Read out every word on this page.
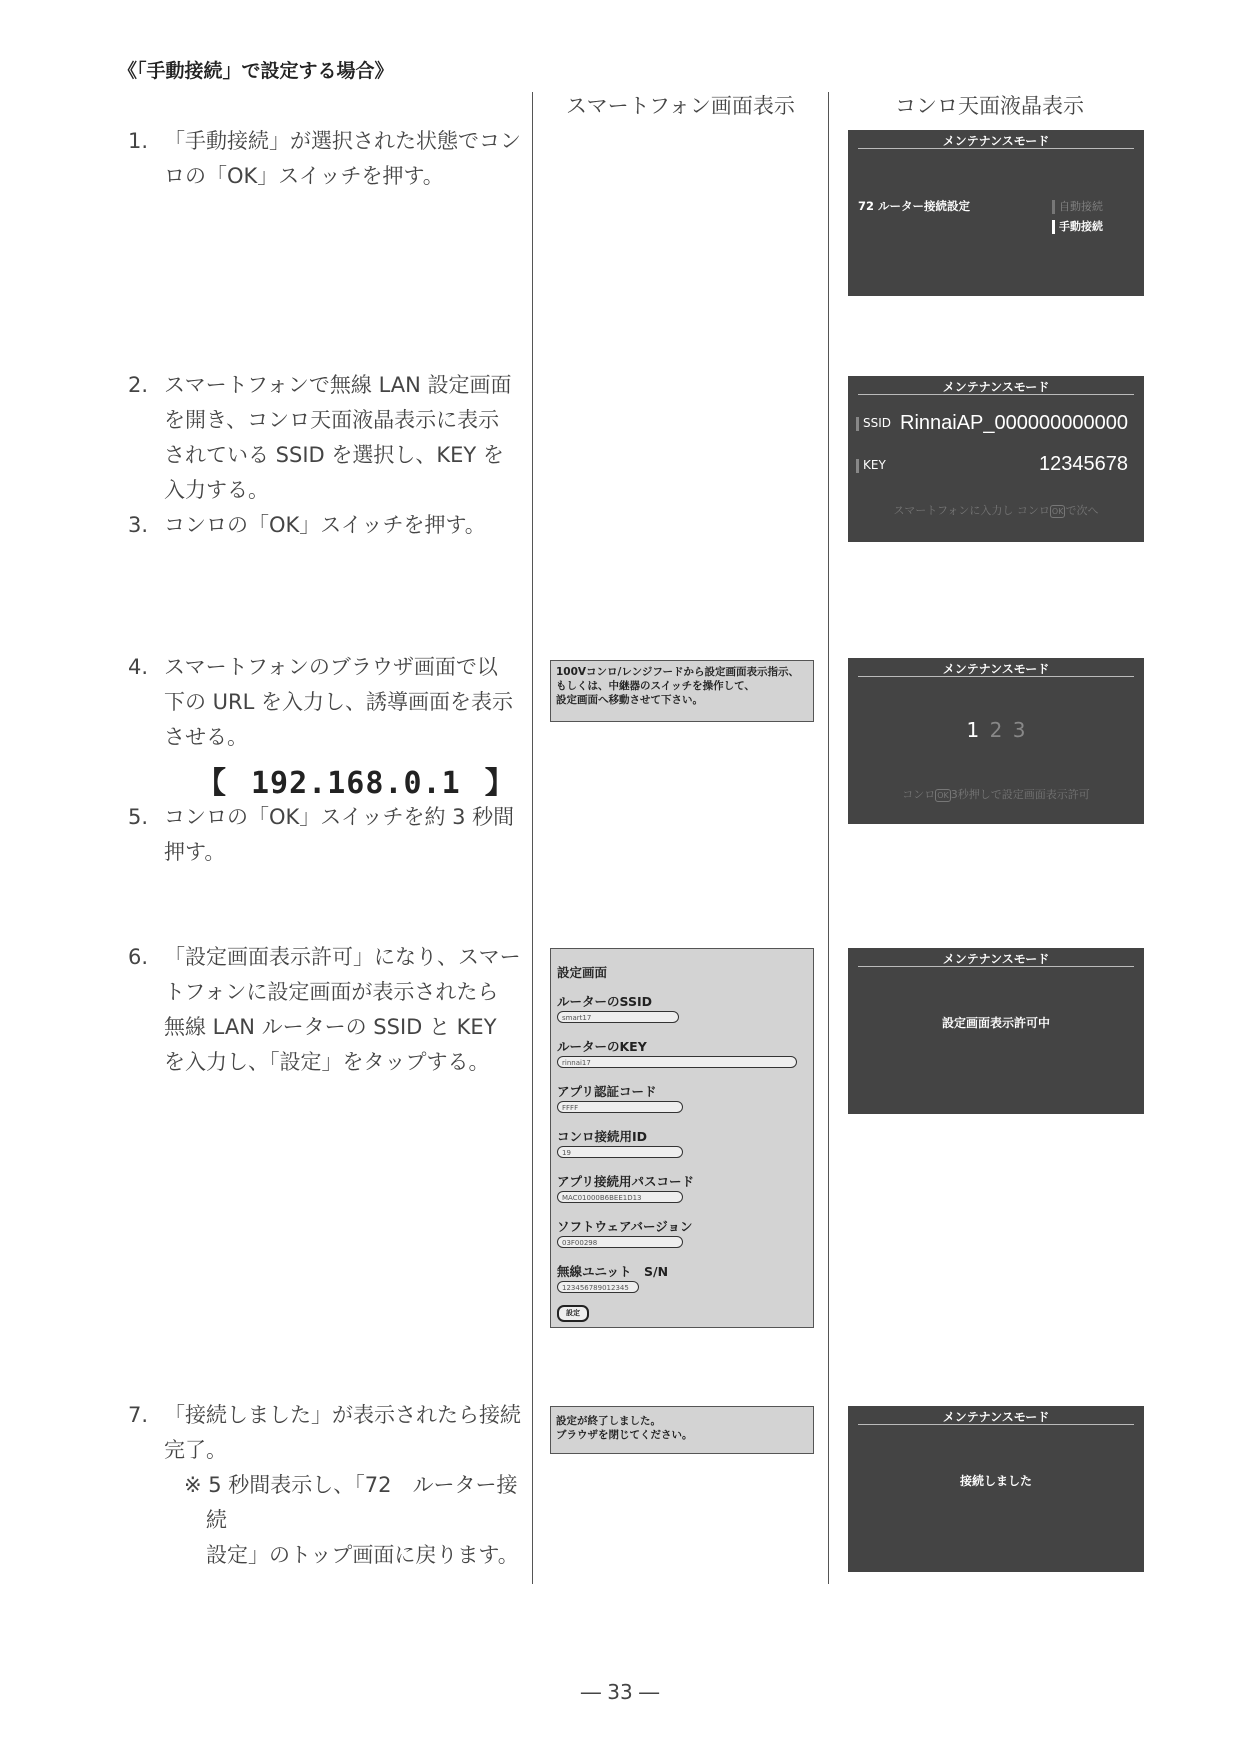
《「手動接続」で設定する場合》
スマートフォン画面表示	コンロ天面液晶表示
1. 「手動接続」が選択された状態でコン
ロの「OK」スイッチを押す。
2. スマートフォンで無線 LAN 設定画面
を開き、コンロ天面液晶表示に表示
されている SSID を選択し、KEY を
入力する。
3. コンロの「OK」スイッチを押す。
4. スマートフォンのブラウザ画面で以
下の URL を入力し、誘導画面を表示
させる。
【 192.168.0.1 】
5. コンロの「OK」スイッチを約 3 秒間
押す。
6. 「設定画面表示許可」になり、スマー
トフォンに設定画面が表示されたら
無線 LAN ルーターの SSID と KEY
を入力し、「設定」をタップする。
7. 「接続しました」が表示されたら接続
完了。
※ 5 秒間表示し、「72　ルーター接続
設定」のトップ画面に戻ります。
メンテナンスモード
72 ルーター接続設定	自動接続
手動接続
メンテナンスモード
SSID RinnaiAP_000000000000
KEY	12345678
スマートフォンに入力し コンロ OK で次へ
メンテナンスモード
1 2 3
コンロ OK 3秒押しで設定画面表示許可
メンテナンスモード
設定画面表示許可中
メンテナンスモード
接続しました
100Vコンロ/レンジフードから設定画面表示指示、
もしくは、中継器のスイッチを操作して、
設定画面へ移動させて下さい。
設定画面
ルーターのSSID
smart17
ルーターのKEY
rinnai17
アプリ認証コード
FFFF
コンロ接続用ID
19
アプリ接続用パスコード
MAC01000B6BEE1D13
ソフトウェアバージョン
03F00298
無線ユニット　S/N
123456789012345
設定
設定が終了しました。
ブラウザを閉じてください。
― 33 ―
